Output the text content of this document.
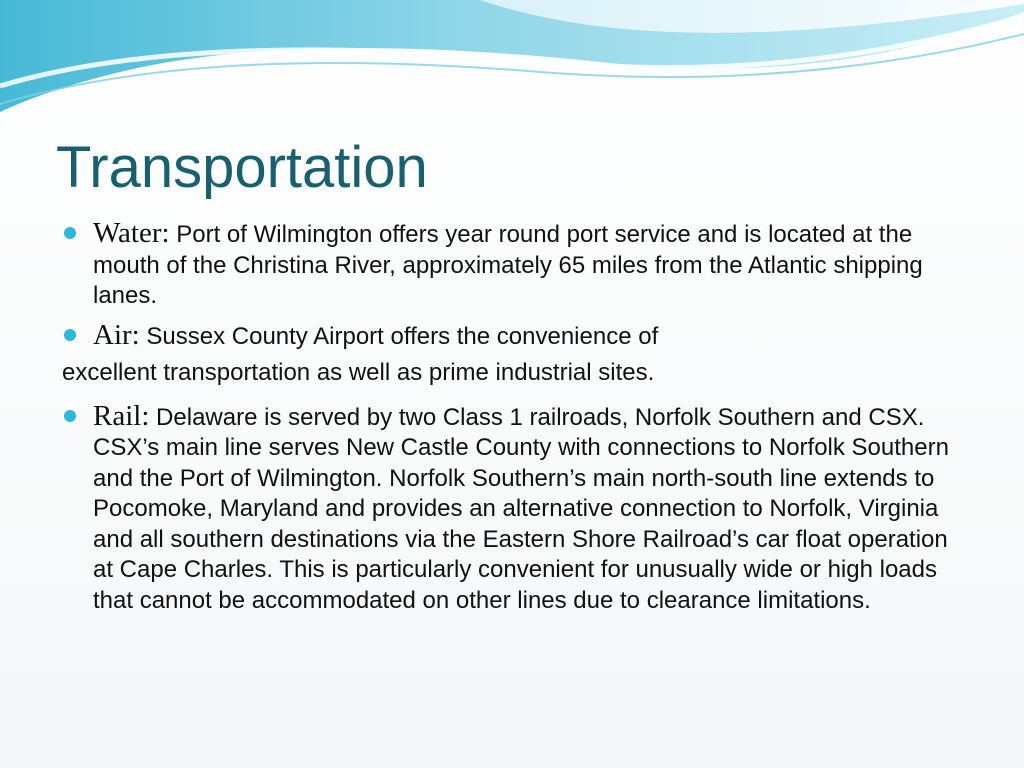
Transportation
Water: Port of Wilmington offers year round port service and is located at the mouth of the Christina River, approximately 65 miles from the Atlantic shipping lanes.
Air: Sussex County Airport offers the convenience of
excellent transportation as well as prime industrial sites.
Rail: Delaware is served by two Class 1 railroads, Norfolk Southern and CSX. CSX’s main line serves New Castle County with connections to Norfolk Southern and the Port of Wilmington. Norfolk Southern’s main north-south line extends to Pocomoke, Maryland and provides an alternative connection to Norfolk, Virginia and all southern destinations via the Eastern Shore Railroad’s car float operation at Cape Charles. This is particularly convenient for unusually wide or high loads that cannot be accommodated on other lines due to clearance limitations.
